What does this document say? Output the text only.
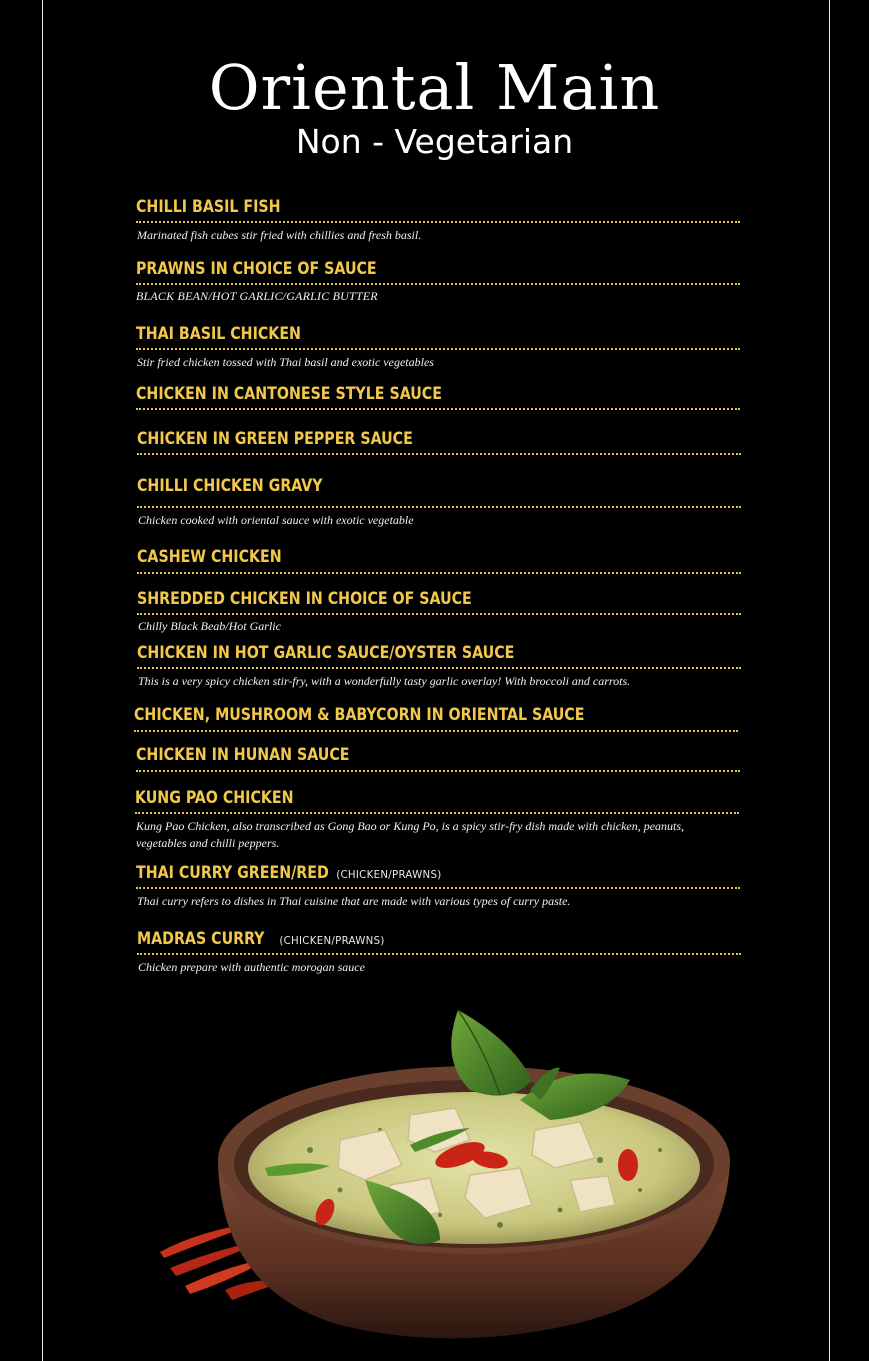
Oriental Main
Non - Vegetarian
CHILLI BASIL FISH
Marinated fish cubes stir fried with chillies and fresh basil.
PRAWNS IN CHOICE OF SAUCE
BLACK BEAN/HOT GARLIC/GARLIC BUTTER
THAI BASIL CHICKEN
Stir fried chicken tossed with Thai basil and exotic vegetables
CHICKEN IN CANTONESE STYLE SAUCE
CHICKEN IN GREEN PEPPER SAUCE
CHILLI CHICKEN GRAVY
Chicken cooked with oriental sauce with exotic vegetable
CASHEW CHICKEN
SHREDDED CHICKEN IN CHOICE OF SAUCE
Chilly Black Beab/Hot Garlic
CHICKEN IN HOT GARLIC SAUCE/OYSTER SAUCE
This is a very spicy chicken stir-fry, with a wonderfully tasty garlic overlay! With broccoli and carrots.
CHICKEN, MUSHROOM & BABYCORN IN ORIENTAL SAUCE
CHICKEN IN HUNAN SAUCE
KUNG PAO CHICKEN
Kung Pao Chicken, also transcribed as Gong Bao or Kung Po, is a spicy stir-fry dish made with chicken, peanuts, vegetables and chilli peppers.
THAI CURRY GREEN/RED (CHICKEN/PRAWNS)
Thai curry refers to dishes in Thai cuisine that are made with various types of curry paste.
MADRAS CURRY (CHICKEN/PRAWNS)
Chicken prepare with authentic morogan sauce
